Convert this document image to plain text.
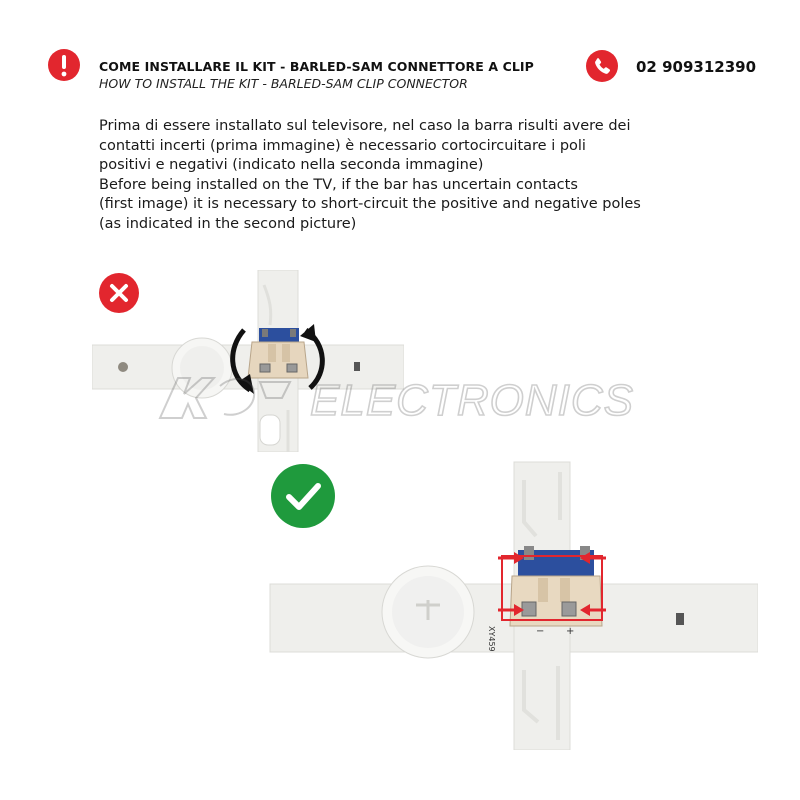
COME INSTALLARE IL KIT - BARLED-SAM CONNETTORE A CLIP
HOW TO INSTALL THE KIT - BARLED-SAM CLIP CONNECTOR
02 909312390

Prima di essere installato sul televisore, nel caso la barra risulti avere dei
contatti incerti (prima immagine) è necessario cortocircuitare i poli
positivi e negativi (indicato nella seconda immagine)

Before being installed on the TV, if the bar has uncertain contacts
(first image) it is necessary to short-circuit the positive and negative poles
(as indicated in the second picture)

XY459	− +
ELECTRONICS
